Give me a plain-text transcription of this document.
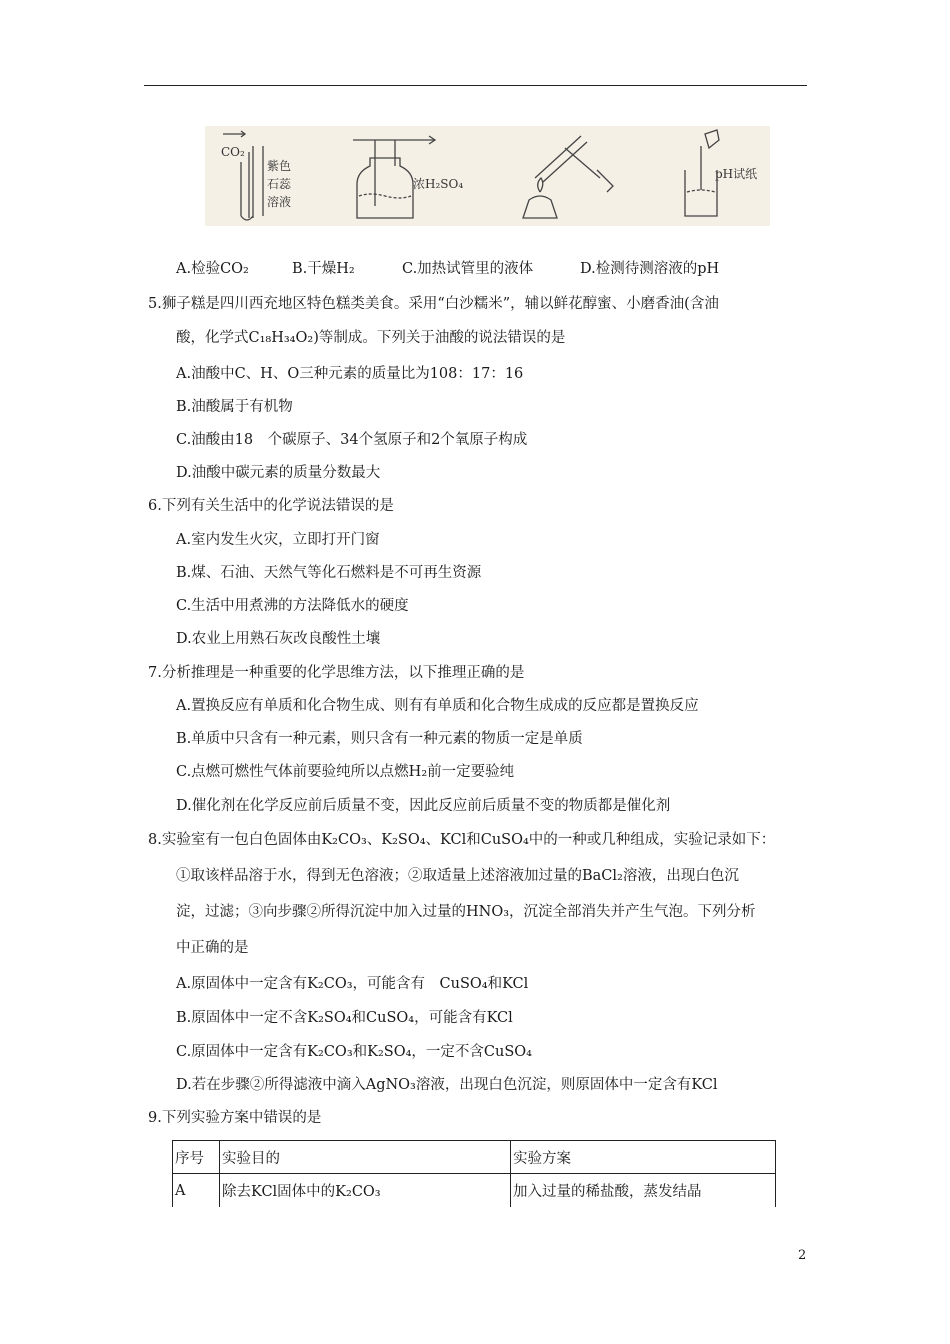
CO₂
紫色
石蕊
溶液
浓H₂SO₄
pH试纸
A.检验CO₂	B.干燥H₂	C.加热试管里的液体	D.检测待测溶液的pH
5.狮子糕是四川西充地区特色糕类美食。采用“白沙糯米”，辅以鲜花醇蜜、小磨香油(含油
酸，化学式C₁₈H₃₄O₂)等制成。下列关于油酸的说法错误的是
A.油酸中C、H、O三种元素的质量比为108：17：16
B.油酸属于有机物
C.油酸由18　个碳原子、34个氢原子和2个氧原子构成
D.油酸中碳元素的质量分数最大
6.下列有关生活中的化学说法错误的是
A.室内发生火灾，立即打开门窗
B.煤、石油、天然气等化石燃料是不可再生资源
C.生活中用煮沸的方法降低水的硬度
D.农业上用熟石灰改良酸性土壤
7.分析推理是一种重要的化学思维方法，以下推理正确的是
A.置换反应有单质和化合物生成、则有有单质和化合物生成成的反应都是置换反应
B.单质中只含有一种元素，则只含有一种元素的物质一定是单质
C.点燃可燃性气体前要验纯所以点燃H₂前一定要验纯
D.催化剂在化学反应前后质量不变，因此反应前后质量不变的物质都是催化剂
8.实验室有一包白色固体由K₂CO₃、K₂SO₄、KCl和CuSO₄中的一种或几种组成，实验记录如下：
①取该样品溶于水，得到无色溶液；②取适量上述溶液加过量的BaCl₂溶液，出现白色沉
淀，过滤；③向步骤②所得沉淀中加入过量的HNO₃，沉淀全部消失并产生气泡。下列分析
中正确的是
A.原固体中一定含有K₂CO₃，可能含有　CuSO₄和KCl
B.原固体中一定不含K₂SO₄和CuSO₄，可能含有KCl
C.原固体中一定含有K₂CO₃和K₂SO₄，一定不含CuSO₄
D.若在步骤②所得滤液中滴入AgNO₃溶液，出现白色沉淀，则原固体中一定含有KCl
9.下列实验方案中错误的是
序号	实验目的	实验方案
A	除去KCl固体中的K₂CO₃	加入过量的稀盐酸，蒸发结晶
2
